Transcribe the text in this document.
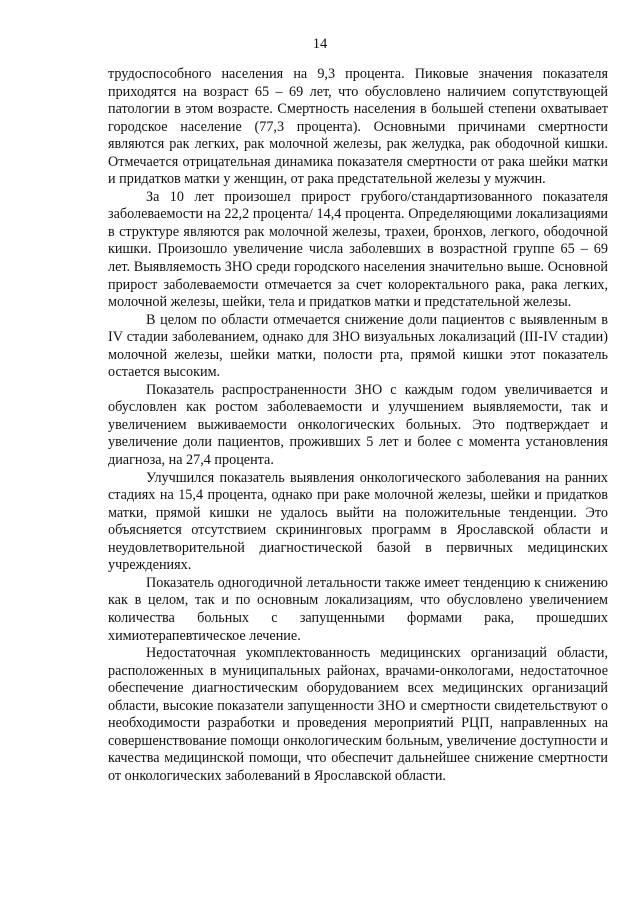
14

трудоспособного населения на 9,3 процента. Пиковые значения показателя приходятся на возраст 65 – 69 лет, что обусловлено наличием сопутствующей патологии в этом возрасте. Смертность населения в большей степени охватывает городское население (77,3 процента). Основными причинами смертности являются рак легких, рак молочной железы, рак желудка, рак ободочной кишки. Отмечается отрицательная динамика показателя смертности от рака шейки матки и придатков матки у женщин, от рака предстательной железы у мужчин.

За 10 лет произошел прирост грубого/стандартизованного показателя заболеваемости на 22,2 процента/ 14,4 процента. Определяющими локализациями в структуре являются рак молочной железы, трахеи, бронхов, легкого, ободочной кишки. Произошло увеличение числа заболевших в возрастной группе 65 – 69 лет. Выявляемость ЗНО среди городского населения значительно выше. Основной прирост заболеваемости отмечается за счет колоректального рака, рака легких, молочной железы, шейки, тела и придатков матки и предстательной железы.

В целом по области отмечается снижение доли пациентов с выявленным в IV стадии заболеванием, однако для ЗНО визуальных локализаций (III-IV стадии) молочной железы, шейки матки, полости рта, прямой кишки этот показатель остается высоким.

Показатель распространенности ЗНО с каждым годом увеличивается и обусловлен как ростом заболеваемости и улучшением выявляемости, так и увеличением выживаемости онкологических больных. Это подтверждает и увеличение доли пациентов, проживших 5 лет и более с момента установления диагноза, на 27,4 процента.

Улучшился показатель выявления онкологического заболевания на ранних стадиях на 15,4 процента, однако при раке молочной железы, шейки и придатков матки, прямой кишки не удалось выйти на положительные тенденции. Это объясняется отсутствием скрининговых программ в Ярославской области и неудовлетворительной диагностической базой в первичных медицинских учреждениях.

Показатель одногодичной летальности также имеет тенденцию к снижению как в целом, так и по основным локализациям, что обусловлено увеличением количества больных с запущенными формами рака, прошедших химиотерапевтическое лечение.

Недостаточная укомплектованность медицинских организаций области, расположенных в муниципальных районах, врачами-онкологами, недостаточное обеспечение диагностическим оборудованием всех медицинских организаций области, высокие показатели запущенности ЗНО и смертности свидетельствуют о необходимости разработки и проведения мероприятий РЦП, направленных на совершенствование помощи онкологическим больным, увеличение доступности и качества медицинской помощи, что обеспечит дальнейшее снижение смертности от онкологических заболеваний в Ярославской области.
